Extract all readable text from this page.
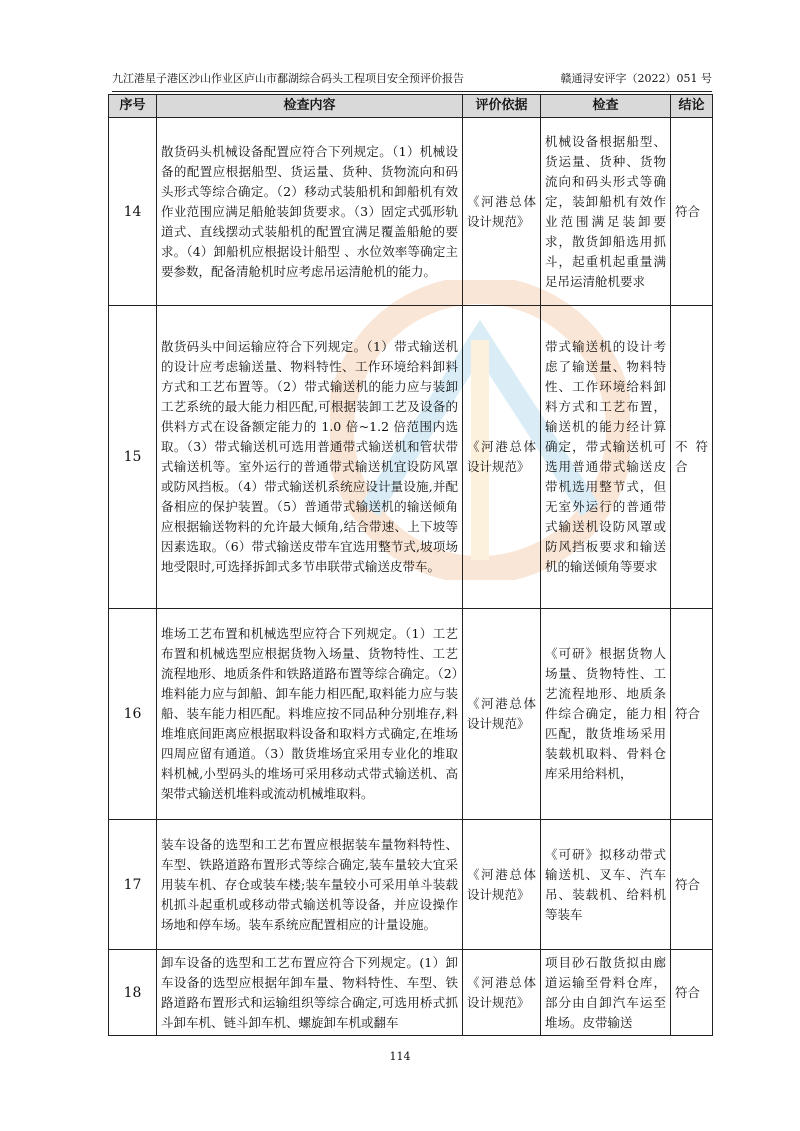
九江港星子港区沙山作业区庐山市鄱湖综合码头工程项目安全预评价报告	赣通浔安评字（2022）051 号
序号	检查内容	评价依据	检查	结论
14	散货码头机械设备配置应符合下列规定。（1）机械设备的配置应根据船型、货运量、货种、货物流向和码头形式等综合确定。（2）移动式装船机和卸船机有效作业范围应满足船舱装卸货要求。（3）固定式弧形轨道式、直线摆动式装船机的配置宜满足覆盖船舱的要求。（4）卸船机应根据设计船型 、水位效率等确定主要参数，配备清舱机时应考虑吊运清舱机的能力。	《河港总体设计规范》	机械设备根据船型、货运量、货种、货物流向和码头形式等确定，装卸船机有效作业范围满足装卸要求，散货卸船选用抓斗，起重机起重量满足吊运清舱机要求	符合
15	散货码头中间运输应符合下列规定。（1）带式输送机的设计应考虑输送量、物料特性、工作环境给料卸料方式和工艺布置等。（2）带式输送机的能力应与装卸工艺系统的最大能力相匹配,可根据装卸工艺及设备的供料方式在设备额定能力的 1.0 倍~1.2 倍范围内选取。（3）带式输送机可选用普通带式输送机和管状带式输送机等。室外运行的普通带式输送机宜设防风罩或防风挡板。（4）带式输送机系统应设计量设施,并配备相应的保护装置。（5）普通带式输送机的输送倾角应根据输送物料的允许最大倾角,结合带速、上下坡等因素选取。（6）带式输送皮带车宜选用整节式,坡项场地受限时,可选择拆卸式多节串联带式输送皮带车。	《河港总体设计规范》	带式输送机的设计考虑了输送量、物料特性、工作环境给料卸料方式和工艺布置，输送机的能力经计算确定，带式输送机可选用普通带式输送皮带机选用整节式，但无室外运行的普通带式输送机设防风罩或防风挡板要求和输送机的输送倾角等要求	不符合
16	堆场工艺布置和机械选型应符合下列规定。（1）工艺布置和机械选型应根据货物入场量、货物特性、工艺流程地形、地质条件和铁路道路布置等综合确定。（2）堆料能力应与卸船、卸车能力相匹配,取料能力应与装船、装车能力相匹配。料堆应按不同品种分别堆存,料堆堆底间距离应根据取料设备和取料方式确定,在堆场四周应留有通道。（3）散货堆场宜采用专业化的堆取料机械,小型码头的堆场可采用移动式带式输送机、高架带式输送机堆料或流动机械堆取料。	《河港总体设计规范》	《可研》根据货物人场量、货物特性、工艺流程地形、地质条件综合确定，能力相匹配，散货堆场采用装载机取料、骨料仓库采用给料机，	符合
17	装车设备的选型和工艺布置应根据装车量物料特性、车型、铁路道路布置形式等综合确定,装车量较大宜采用装车机、存仓或装车楼;装车量较小可采用单斗装载机抓斗起重机或移动带式输送机等设备，并应设操作场地和停车场。装车系统应配置相应的计量设施。	《河港总体设计规范》	《可研》拟移动带式输送机、叉车、汽车吊、装载机、给料机等装车	符合
18	卸车设备的选型和工艺布置应符合下列规定。(1）卸车设备的选型应根据年卸车量、物料特性、车型、铁路道路布置形式和运输组织等综合确定,可选用桥式抓斗卸车机、链斗卸车机、螺旋卸车机或翻车	《河港总体设计规范》	项目砂石散货拟由廊道运输至骨料仓库，部分由自卸汽车运至堆场。皮带输送	符合
114
